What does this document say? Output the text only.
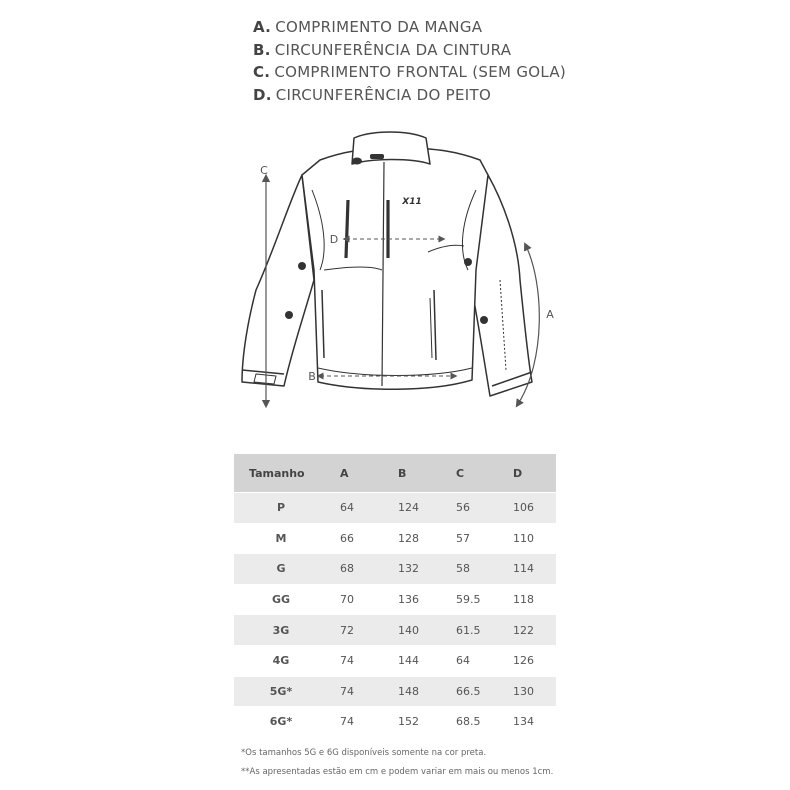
A. COMPRIMENTO DA MANGA
B. CIRCUNFERÊNCIA DA CINTURA
C. COMPRIMENTO FRONTAL (SEM GOLA)
D. CIRCUNFERÊNCIA DO PEITO
X11
C
D
B
A
Tamanho	A	B	C	D
P	64	124	56	106
M	66	128	57	110
G	68	132	58	114
GG	70	136	59.5	118
3G	72	140	61.5	122
4G	74	144	64	126
5G*	74	148	66.5	130
6G*	74	152	68.5	134
*Os tamanhos 5G e 6G disponíveis somente na cor preta.
**As apresentadas estão em cm e podem variar em mais ou menos 1cm.
